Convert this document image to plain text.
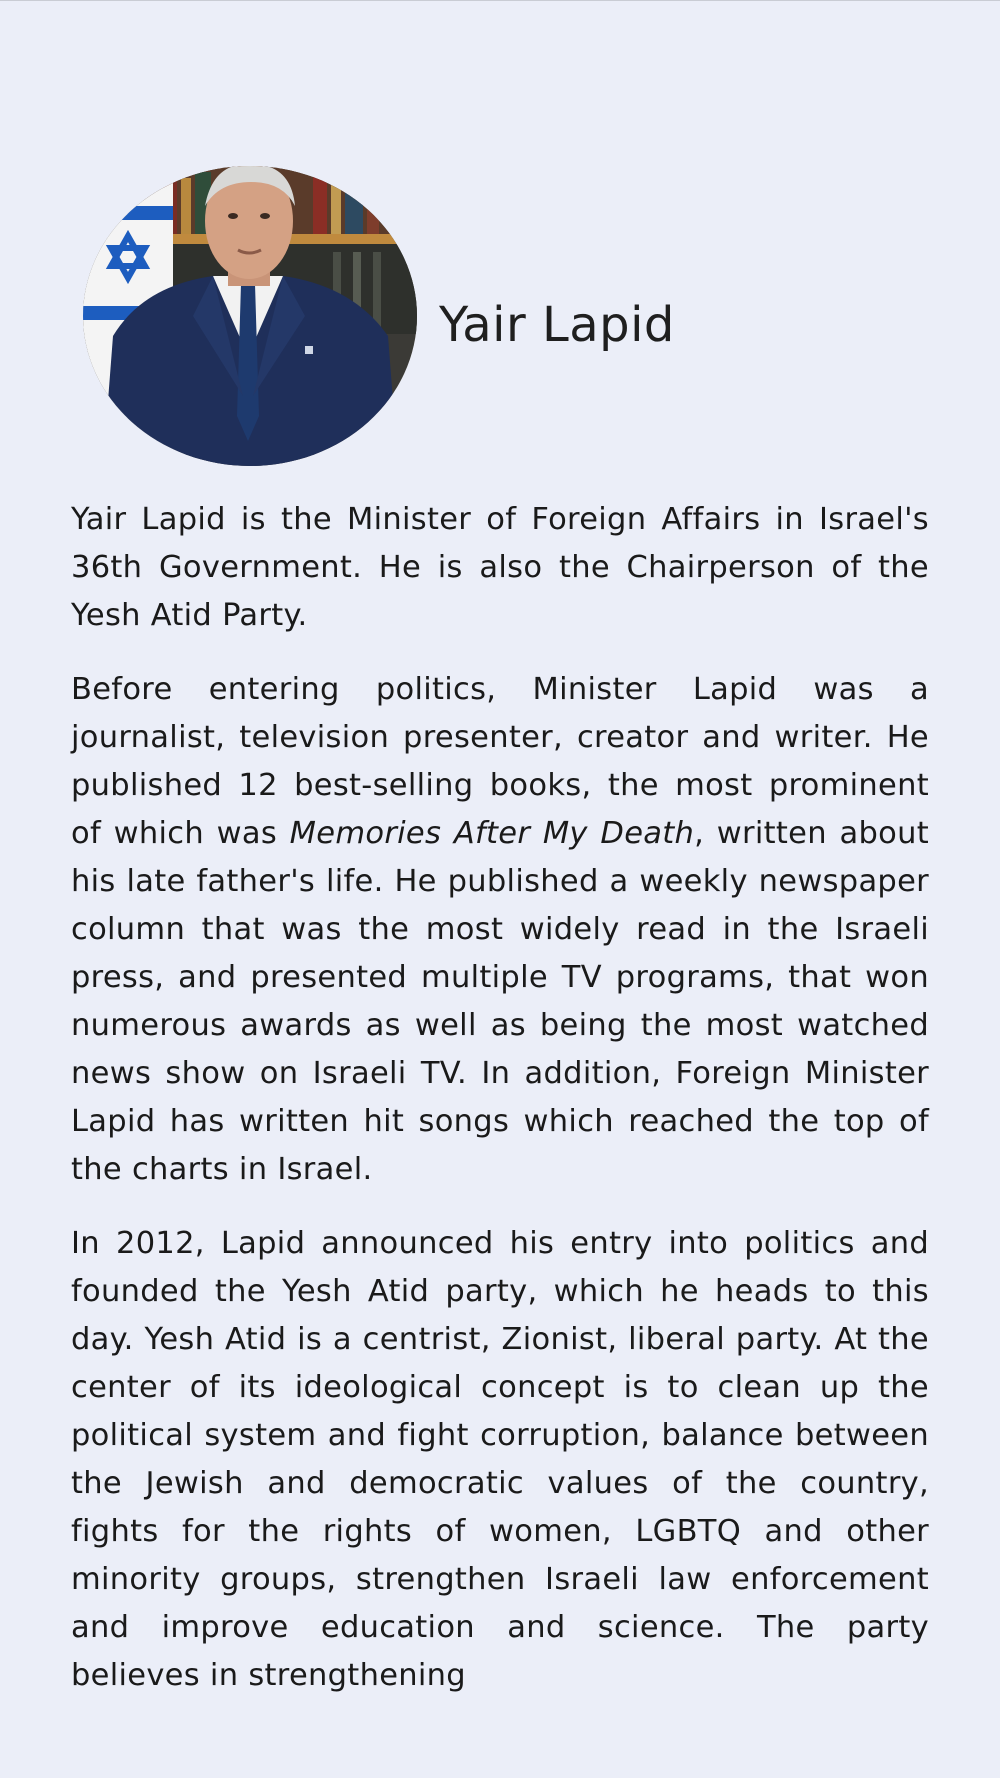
Yair Lapid

Yair Lapid is the Minister of Foreign Affairs in Israel's 36th Government. He is also the Chairperson of the Yesh Atid Party.

Before entering politics, Minister Lapid was a journalist, television presenter, creator and writer. He published 12 best-selling books, the most prominent of which was Memories After My Death, written about his late father's life. He published a weekly newspaper column that was the most widely read in the Israeli press, and presented multiple TV programs, that won numerous awards as well as being the most watched news show on Israeli TV. In addition, Foreign Minister Lapid has written hit songs which reached the top of the charts in Israel.

In 2012, Lapid announced his entry into politics and founded the Yesh Atid party, which he heads to this day. Yesh Atid is a centrist, Zionist, liberal party. At the center of its ideological concept is to clean up the political system and fight corruption, balance between the Jewish and democratic values of the country, fights for the rights of women, LGBTQ and other minority groups, strengthen Israeli law enforcement and improve education and science. The party believes in strengthening
